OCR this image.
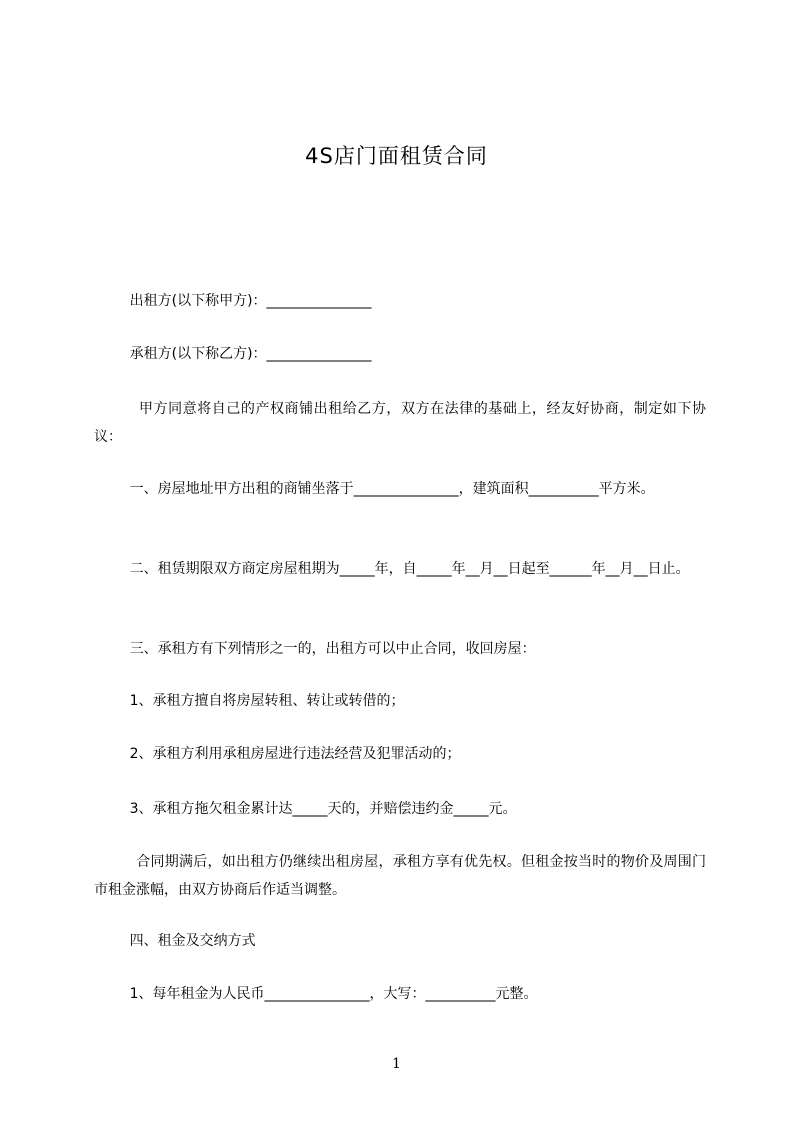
4S店门面租赁合同

出租方(以下称甲方)：_______________

承租方(以下称乙方)：_______________

甲方同意将自己的产权商铺出租给乙方，双方在法律的基础上，经友好协商，制定如下协议：

一、房屋地址甲方出租的商铺坐落于_______________，建筑面积__________平方米。

二、租赁期限双方商定房屋租期为_____年，自_____年__月__日起至______年__月__日止。

三、承租方有下列情形之一的，出租方可以中止合同，收回房屋：

1、承租方擅自将房屋转租、转让或转借的；

2、承租方利用承租房屋进行违法经营及犯罪活动的；

3、承租方拖欠租金累计达_____天的，并赔偿违约金_____元。

合同期满后，如出租方仍继续出租房屋，承租方享有优先权。但租金按当时的物价及周围门市租金涨幅，由双方协商后作适当调整。

四、租金及交纳方式

1、每年租金为人民币_______________，大写：__________元整。

1
